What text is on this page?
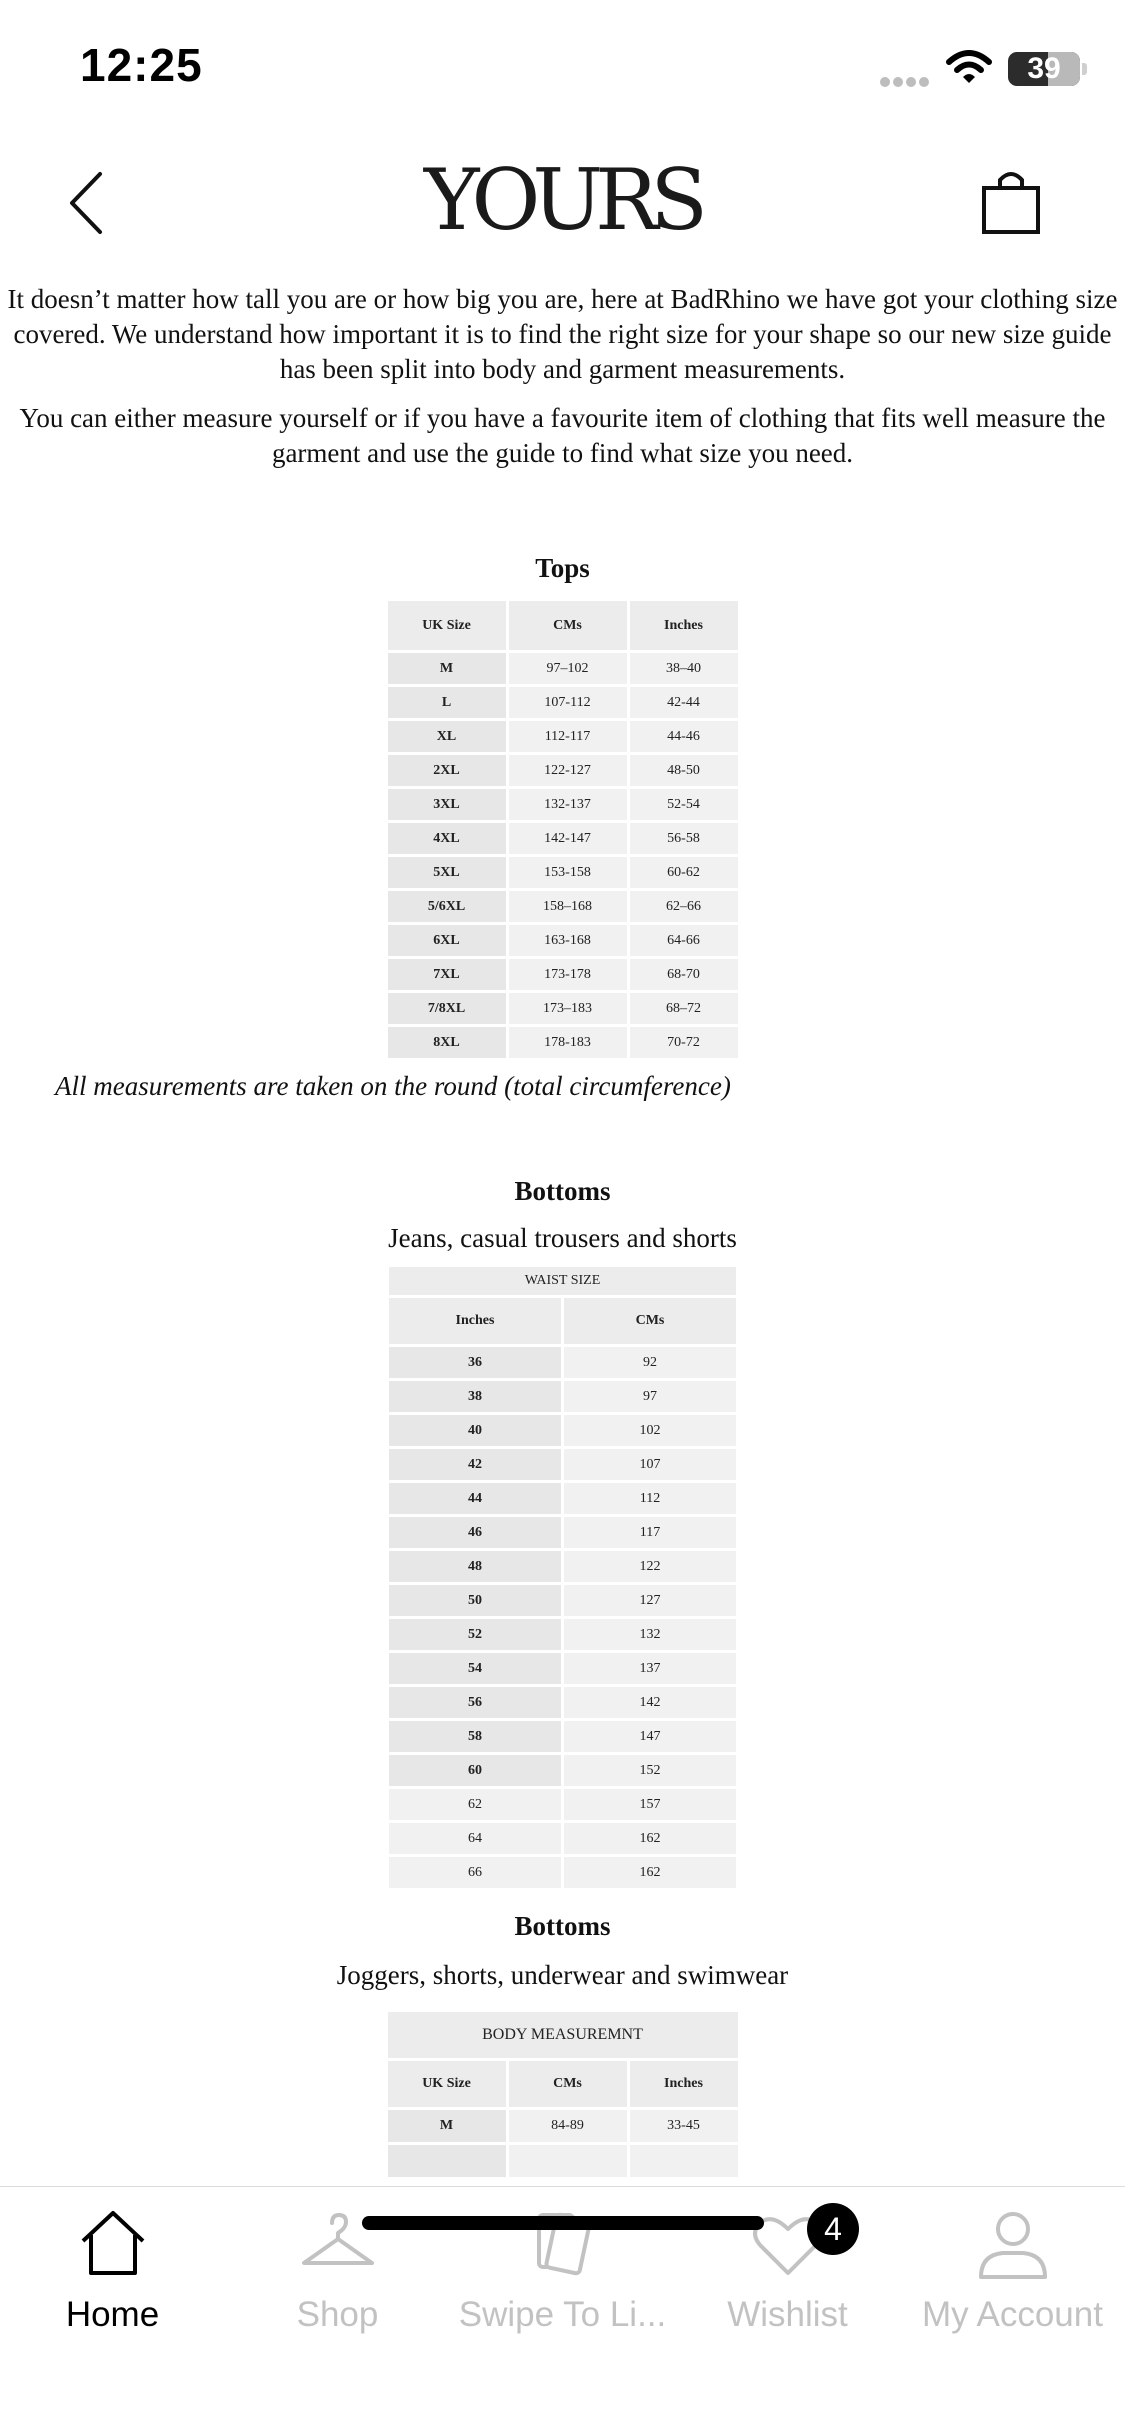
12:25	39
YOURS

It doesn’t matter how tall you are or how big you are, here at BadRhino we have got your clothing size covered. We understand how important it is to find the right size for your shape so our new size guide has been split into body and garment measurements.

You can either measure yourself or if you have a favourite item of clothing that fits well measure the garment and use the guide to find what size you need.

Tops
UK Size	CMs	Inches
M	97–102	38–40
L	107-112	42-44
XL	112-117	44-46
2XL	122-127	48-50
3XL	132-137	52-54
4XL	142-147	56-58
5XL	153-158	60-62
5/6XL	158–168	62–66
6XL	163-168	64-66
7XL	173-178	68-70
7/8XL	173–183	68–72
8XL	178-183	70-72
All measurements are taken on the round (total circumference)
Bottoms
Jeans, casual trousers and shorts
WAIST SIZE	
Inches	CMs
36	92
38	97
40	102
42	107
44	112
46	117
48	122
50	127
52	132
54	137
56	142
58	147
60	152
62	157
64	162
66	162
Bottoms
Joggers, shorts, underwear and swimwear
BODY MEASUREMNT		
UK Size	CMs	Inches
M	84-89	33-45

Home	Shop	Swipe To Li...	Wishlist
4
My Account
